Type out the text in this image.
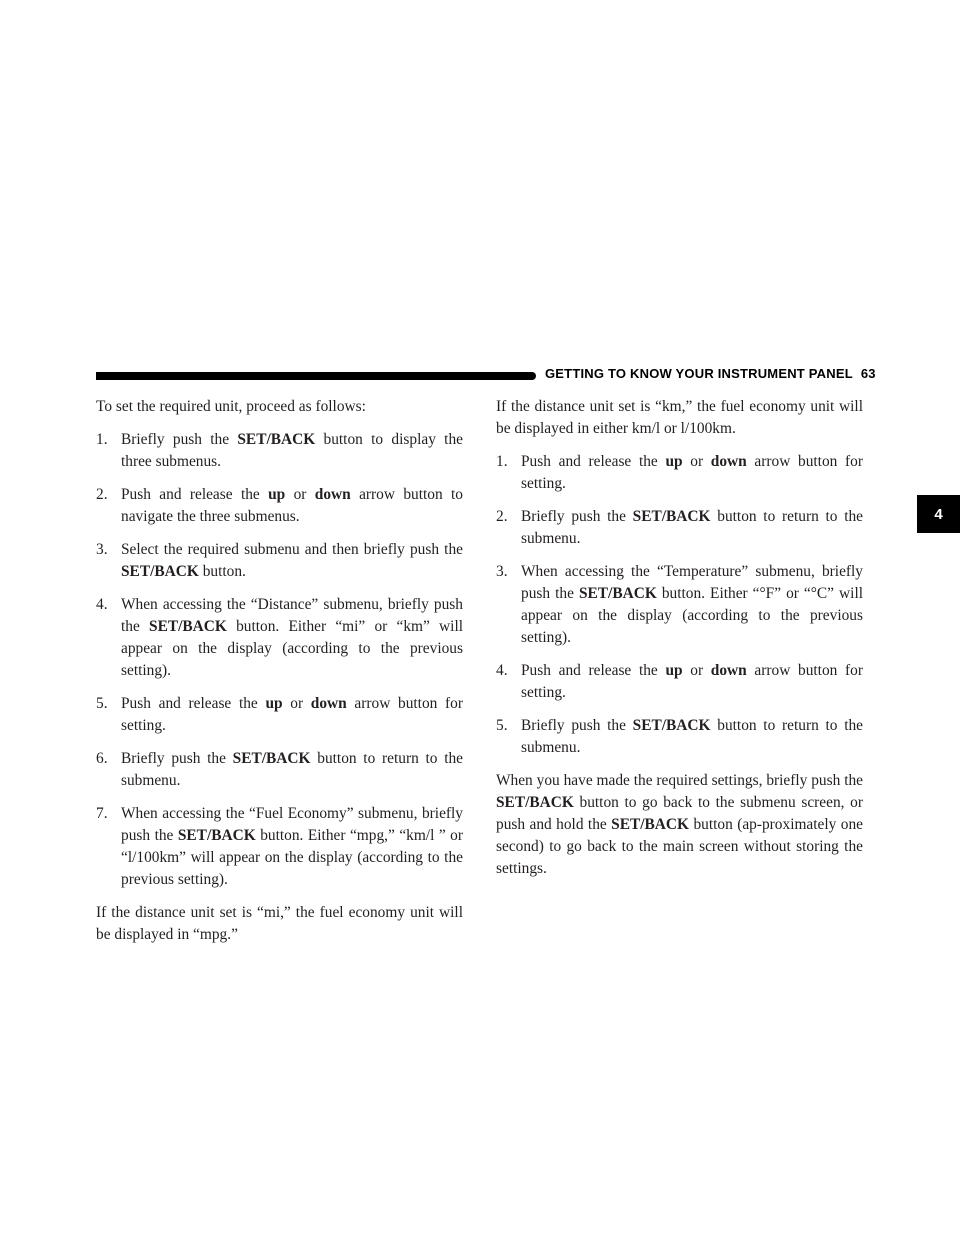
GETTING TO KNOW YOUR INSTRUMENT PANEL 63
4

To set the required unit, proceed as follows:

1. Briefly push the SET/BACK button to display the three submenus.
2. Push and release the up or down arrow button to navigate the three submenus.
3. Select the required submenu and then briefly push the SET/BACK button.
4. When accessing the “Distance” submenu, briefly push the SET/BACK button. Either “mi” or “km” will appear on the display (according to the previous setting).
5. Push and release the up or down arrow button for setting.
6. Briefly push the SET/BACK button to return to the submenu.
7. When accessing the “Fuel Economy” submenu, briefly push the SET/BACK button. Either “mpg,” “km/l ” or “l/100km” will appear on the display (according to the previous setting).

If the distance unit set is “mi,” the fuel economy unit will be displayed in “mpg.”

If the distance unit set is “km,” the fuel economy unit will be displayed in either km/l or l/100km.

1. Push and release the up or down arrow button for setting.
2. Briefly push the SET/BACK button to return to the submenu.
3. When accessing the “Temperature” submenu, briefly push the SET/BACK button. Either “°F” or “°C” will appear on the display (according to the previous setting).
4. Push and release the up or down arrow button for setting.
5. Briefly push the SET/BACK button to return to the submenu.

When you have made the required settings, briefly push the SET/BACK button to go back to the submenu screen, or push and hold the SET/BACK button (ap-proximately one second) to go back to the main screen without storing the settings.
